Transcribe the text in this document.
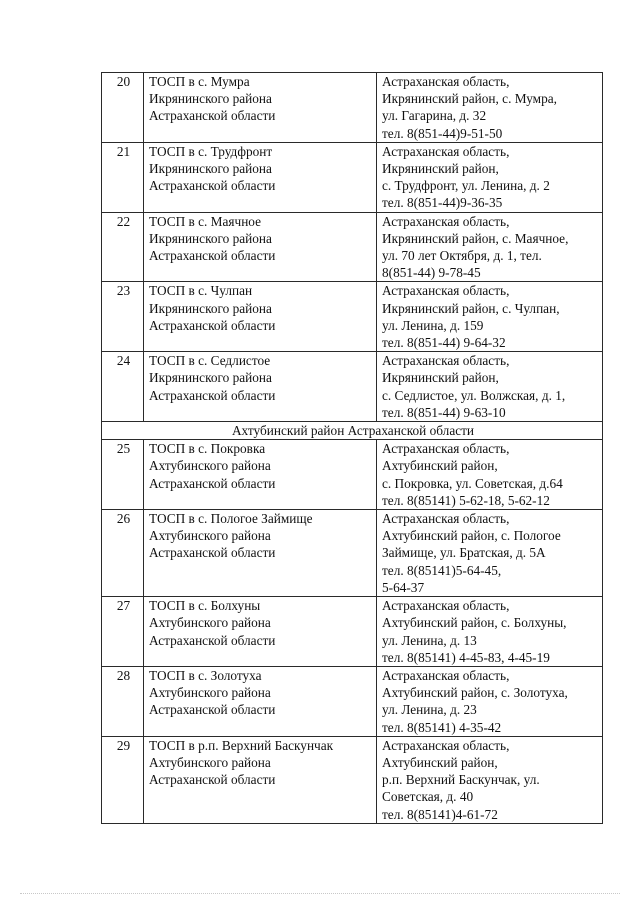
20	ТОСП в с. Мумра
Икрянинского района
Астраханской области	Астраханская область,
Икрянинский район, с. Мумра,
ул. Гагарина, д. 32
тел. 8(851-44)9-51-50

21	ТОСП в с. Трудфронт
Икрянинского района
Астраханской области	Астраханская область,
Икрянинский район,
с. Трудфронт, ул. Ленина, д. 2
тел. 8(851-44)9-36-35

22	ТОСП в с. Маячное
Икрянинского района
Астраханской области	Астраханская область,
Икрянинский район, с. Маячное,
ул. 70 лет Октября, д. 1, тел.
8(851-44) 9-78-45

23	ТОСП в с. Чулпан
Икрянинского района
Астраханской области	Астраханская область,
Икрянинский район, с. Чулпан,
ул. Ленина, д. 159
тел. 8(851-44) 9-64-32

24	ТОСП в с. Седлистое
Икрянинского района
Астраханской области	Астраханская область,
Икрянинский район,
с. Седлистое, ул. Волжская, д. 1,
тел. 8(851-44) 9-63-10

Ахтубинский район Астраханской области		
25	ТОСП в с. Покровка
Ахтубинского района
Астраханской области	Астраханская область,
Ахтубинский район,
с. Покровка, ул. Советская, д.64
тел. 8(85141) 5-62-18, 5-62-12

26	ТОСП в с. Пологое Займище
Ахтубинского района
Астраханской области	Астраханская область,
Ахтубинский район, с. Пологое
Займище, ул. Братская, д. 5А
тел. 8(85141)5-64-45,
5-64-37

27	ТОСП в с. Болхуны
Ахтубинского района
Астраханской области	Астраханская область,
Ахтубинский район, с. Болхуны,
ул. Ленина, д. 13
тел. 8(85141) 4-45-83, 4-45-19

28	ТОСП в с. Золотуха
Ахтубинского района
Астраханской области	Астраханская область,
Ахтубинский район, с. Золотуха,
ул. Ленина, д. 23
тел. 8(85141) 4-35-42

29	ТОСП в р.п. Верхний Баскунчак
Ахтубинского района
Астраханской области	Астраханская область,
Ахтубинский район,
р.п. Верхний Баскунчак, ул.
Советская, д. 40
тел. 8(85141)4-61-72
